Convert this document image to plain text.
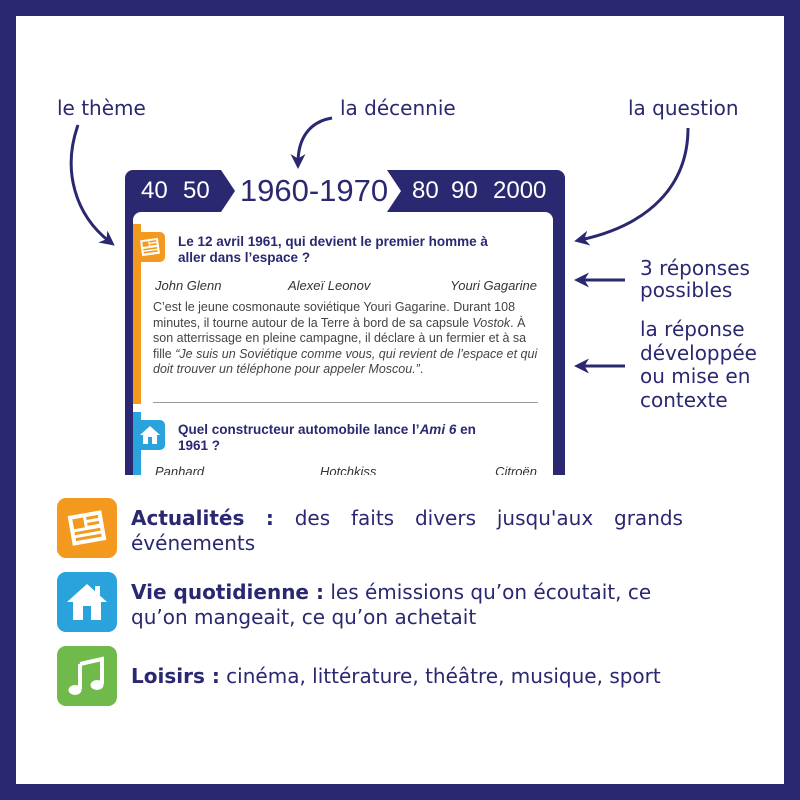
le thème	la décennie	la question
3 réponses
possibles
la réponse
développée
ou mise en
contexte
40 50 1960-1970 80 90 2000
Le 12 avril 1961, qui devient le premier homme à
aller dans l’espace ?
John Glenn	Alexeï Leonov	Youri Gagarine
C’est le jeune cosmonaute soviétique Youri Gagarine. Durant 108 minutes, il tourne autour de la Terre à bord de sa capsule Vostok. À son atterrissage en pleine campagne, il déclare à un fermier et à sa fille “Je suis un Soviétique comme vous, qui revient de l’espace et qui doit trouver un téléphone pour appeler Moscou.”.
Quel constructeur automobile lance l’Ami 6 en
1961 ?
Panhard	Hotchkiss	Citroën
Actualités : des faits divers jusqu'aux grands événements
Vie quotidienne : les émissions qu’on écoutait, ce qu’on mangeait, ce qu’on achetait
Loisirs : cinéma, littérature, théâtre, musique, sport
